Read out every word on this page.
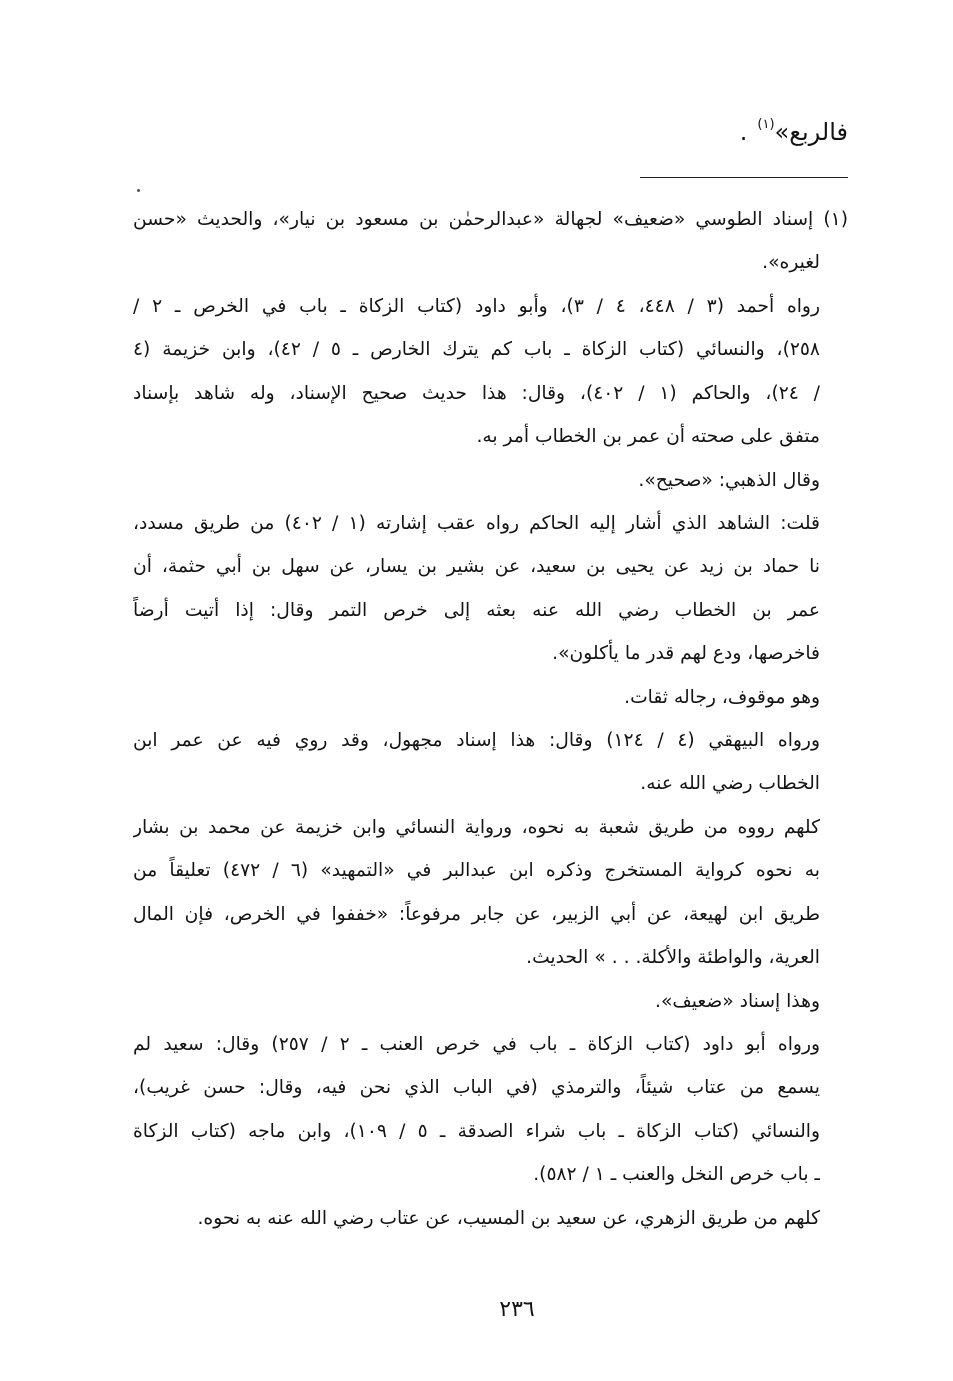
فالربع»$^{(١)}$.
(١) إسناد الطوسي «ضعيف» لجهالة «عبدالرحمٰن بن مسعود بن نيار»، والحديث «حسن
لغيره».
رواه أحمد (٣ / ٤٤٨، ٤ / ٣)، وأبو داود (كتاب الزكاة ـ باب في الخرص ـ ٢ /
٢٥٨)، والنسائي (كتاب الزكاة ـ باب كم يترك الخارص ـ ٥ / ٤٢)، وابن خزيمة (٤
/ ٢٤)، والحاكم (١ / ٤٠٢)، وقال: هذا حديث صحيح الإسناد، وله شاهد بإسناد
متفق على صحته أن عمر بن الخطاب أمر به.
وقال الذهبي: «صحيح».
قلت: الشاهد الذي أشار إليه الحاكم رواه عقب إشارته (١ / ٤٠٢) من طريق مسدد،
نا حماد بن زيد عن يحيى بن سعيد، عن بشير بن يسار، عن سهل بن أبي حثمة، أن
عمر بن الخطاب رضي الله عنه بعثه إلى خرص التمر وقال: إذا أتيت أرضاً
فاخرصها، ودع لهم قدر ما يأكلون».
وهو موقوف، رجاله ثقات.
ورواه البيهقي (٤ / ١٢٤) وقال: هذا إسناد مجهول، وقد روي فيه عن عمر ابن
الخطاب رضي الله عنه.
كلهم رووه من طريق شعبة به نحوه، ورواية النسائي وابن خزيمة عن محمد بن بشار
به نحوه كرواية المستخرج وذكره ابن عبدالبر في «التمهيد» (٦ / ٤٧٢) تعليقاً من
طريق ابن لهيعة، عن أبي الزبير، عن جابر مرفوعاً: «خففوا في الخرص، فإن المال
العرية، والواطئة والأكلة. . . » الحديث.
وهذا إسناد «ضعيف».
ورواه أبو داود (كتاب الزكاة ـ باب في خرص العنب ـ ٢ / ٢٥٧) وقال: سعيد لم
يسمع من عتاب شيئاً، والترمذي (في الباب الذي نحن فيه، وقال: حسن غريب)،
والنسائي (كتاب الزكاة ـ باب شراء الصدقة ـ ٥ / ١٠٩)، وابن ماجه (كتاب الزكاة
ـ باب خرص النخل والعنب ـ ١ / ٥٨٢).
كلهم من طريق الزهري، عن سعيد بن المسيب، عن عتاب رضي الله عنه به نحوه.
٢٣٦
